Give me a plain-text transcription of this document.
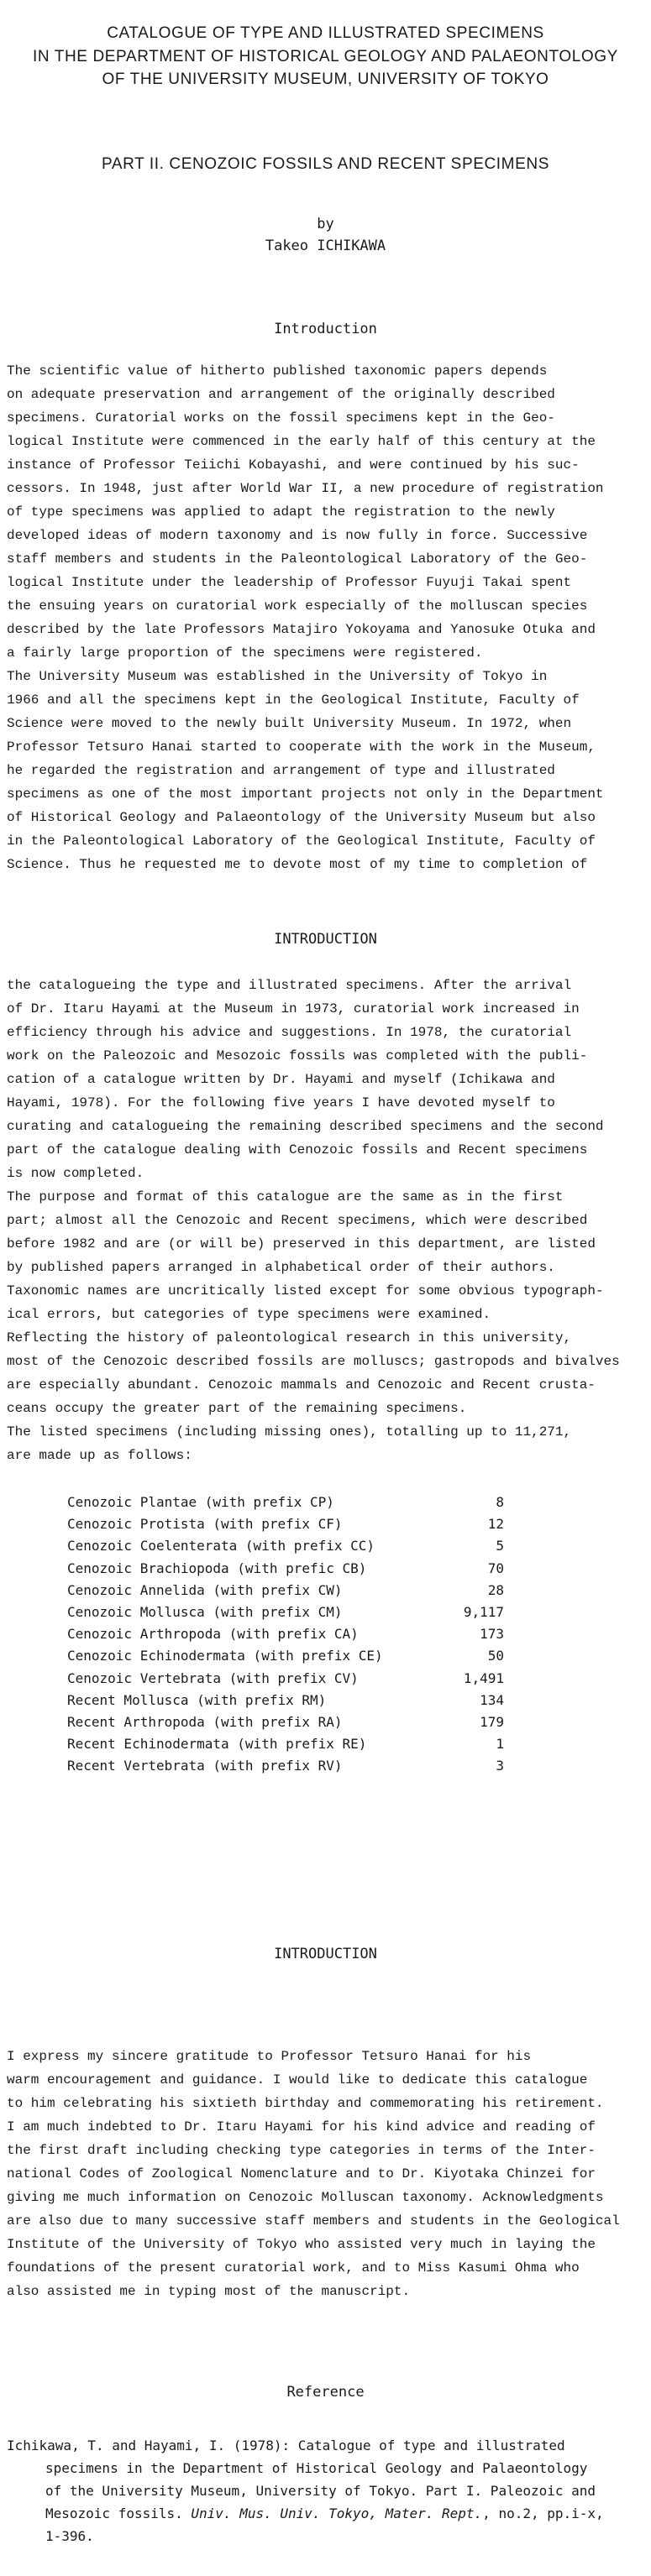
CATALOGUE OF TYPE AND ILLUSTRATED SPECIMENS

IN THE DEPARTMENT OF HISTORICAL GEOLOGY AND PALAEONTOLOGY

OF THE UNIVERSITY MUSEUM, UNIVERSITY OF TOKYO

PART II. CENOZOIC FOSSILS AND RECENT SPECIMENS
by
Takeo ICHIKAWA
Introduction
The scientific value of hitherto published taxonomic papers depends
on adequate preservation and arrangement of the originally described
specimens. Curatorial works on the fossil specimens kept in the Geo-
logical Institute were commenced in the early half of this century at the
instance of Professor Teiichi Kobayashi, and were continued by his suc-
cessors. In 1948, just after World War II, a new procedure of registration
of type specimens was applied to adapt the registration to the newly
developed ideas of modern taxonomy and is now fully in force. Successive
staff members and students in the Paleontological Laboratory of the Geo-
logical Institute under the leadership of Professor Fuyuji Takai spent
the ensuing years on curatorial work especially of the molluscan species
described by the late Professors Matajiro Yokoyama and Yanosuke Otuka and
a fairly large proportion of the specimens were registered.
The University Museum was established in the University of Tokyo in
1966 and all the specimens kept in the Geological Institute, Faculty of
Science were moved to the newly built University Museum. In 1972, when
Professor Tetsuro Hanai started to cooperate with the work in the Museum,
he regarded the registration and arrangement of type and illustrated
specimens as one of the most important projects not only in the Department
of Historical Geology and Palaeontology of the University Museum but also
in the Paleontological Laboratory of the Geological Institute, Faculty of
Science. Thus he requested me to devote most of my time to completion of
INTRODUCTION
the catalogueing the type and illustrated specimens. After the arrival
of Dr. Itaru Hayami at the Museum in 1973, curatorial work increased in
efficiency through his advice and suggestions. In 1978, the curatorial
work on the Paleozoic and Mesozoic fossils was completed with the publi-
cation of a catalogue written by Dr. Hayami and myself (Ichikawa and
Hayami, 1978). For the following five years I have devoted myself to
curating and catalogueing the remaining described specimens and the second
part of the catalogue dealing with Cenozoic fossils and Recent specimens
is now completed.
The purpose and format of this catalogue are the same as in the first
part; almost all the Cenozoic and Recent specimens, which were described
before 1982 and are (or will be) preserved in this department, are listed
by published papers arranged in alphabetical order of their authors.
Taxonomic names are uncritically listed except for some obvious typograph-
ical errors, but categories of type specimens were examined.
Reflecting the history of paleontological research in this university,
most of the Cenozoic described fossils are molluscs; gastropods and bivalves
are especially abundant. Cenozoic mammals and Cenozoic and Recent crusta-
ceans occupy the greater part of the remaining specimens.
The listed specimens (including missing ones), totalling up to 11,271,
are made up as follows:
Cenozoic Plantae (with prefix CP)	8
Cenozoic Protista (with prefix CF)	12
Cenozoic Coelenterata (with prefix CC)	5
Cenozoic Brachiopoda (with prefic CB)	70
Cenozoic Annelida (with prefix CW)	28
Cenozoic Mollusca (with prefix CM)	9,117
Cenozoic Arthropoda (with prefix CA)	173
Cenozoic Echinodermata (with prefix CE)	50
Cenozoic Vertebrata (with prefix CV)	1,491
Recent Mollusca (with prefix RM)	134
Recent Arthropoda (with prefix RA)	179
Recent Echinodermata (with prefix RE)	1
Recent Vertebrata (with prefix RV)	3
INTRODUCTION
I express my sincere gratitude to Professor Tetsuro Hanai for his
warm encouragement and guidance. I would like to dedicate this catalogue
to him celebrating his sixtieth birthday and commemorating his retirement.
I am much indebted to Dr. Itaru Hayami for his kind advice and reading of
the first draft including checking type categories in terms of the Inter-
national Codes of Zoological Nomenclature and to Dr. Kiyotaka Chinzei for
giving me much information on Cenozoic Molluscan taxonomy. Acknowledgments
are also due to many successive staff members and students in the Geological
Institute of the University of Tokyo who assisted very much in laying the
foundations of the present curatorial work, and to Miss Kasumi Ohma who
also assisted me in typing most of the manuscript.
Reference

Ichikawa, T. and Hayami, I. (1978): Catalogue of type and illustrated
specimens in the Department of Historical Geology and Palaeontology
of the University Museum, University of Tokyo. Part I. Paleozoic and
Mesozoic fossils. Univ. Mus. Univ. Tokyo, Mater. Rept., no.2, pp.i-x,
1-396.
